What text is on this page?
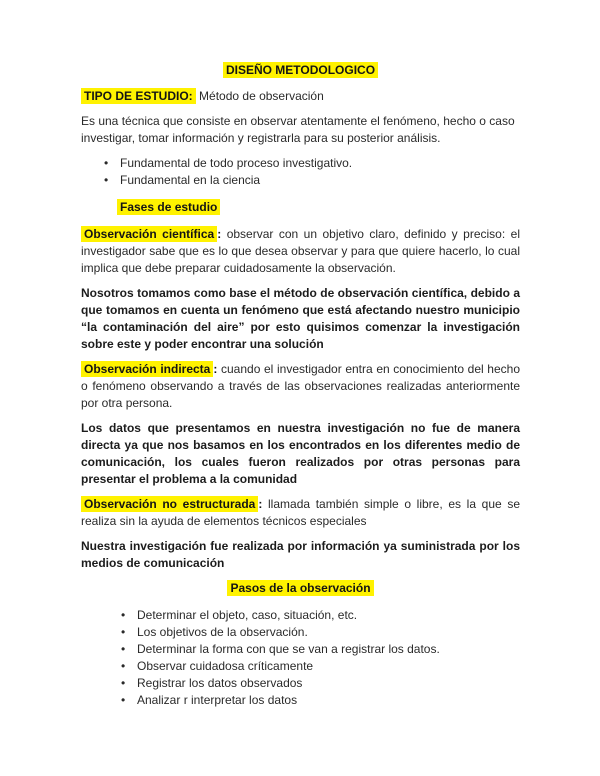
DISEÑO METODOLOGICO

TIPO DE ESTUDIO: Método de observación

Es una técnica que consiste en observar atentamente el fenómeno, hecho o caso investigar, tomar información y registrarla para su posterior análisis.

• Fundamental de todo proceso investigativo.
• Fundamental en la ciencia

Fases de estudio

Observación científica : observar con un objetivo claro, definido y preciso: el investigador sabe que es lo que desea observar y para que quiere hacerlo, lo cual implica que debe preparar cuidadosamente la observación.

Nosotros tomamos como base el método de observación científica, debido a que tomamos en cuenta un fenómeno que está afectando nuestro municipio “la contaminación del aire” por esto quisimos comenzar la investigación sobre este y poder encontrar una solución

Observación indirecta : cuando el investigador entra en conocimiento del hecho o fenómeno observando a través de las observaciones realizadas anteriormente por otra persona.

Los datos que presentamos en nuestra investigación no fue de manera directa ya que nos basamos en los encontrados en los diferentes medio de comunicación, los cuales fueron realizados por otras personas para presentar el problema a la comunidad

Observación no estructurada : llamada también simple o libre, es la que se realiza sin la ayuda de elementos técnicos especiales

Nuestra investigación fue realizada por información ya suministrada por los medios de comunicación

Pasos de la observación

• Determinar el objeto, caso, situación, etc.
• Los objetivos de la observación.
• Determinar la forma con que se van a registrar los datos.
• Observar cuidadosa críticamente
• Registrar los datos observados
• Analizar r interpretar los datos
